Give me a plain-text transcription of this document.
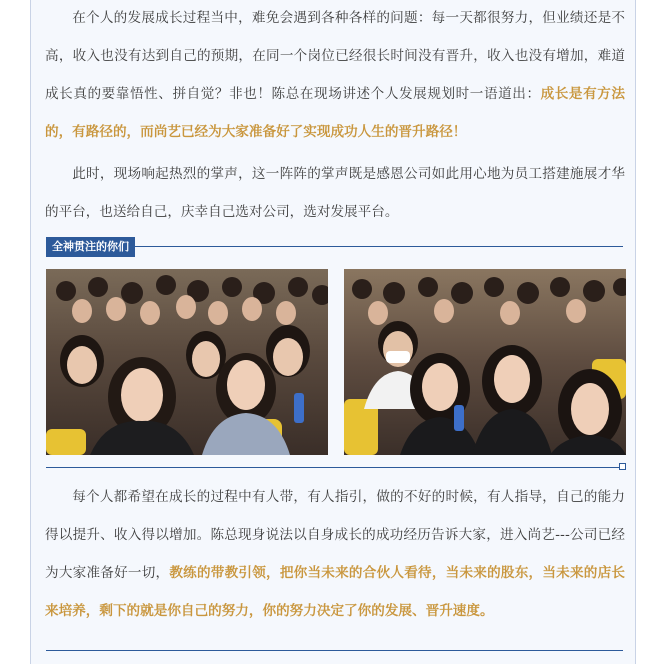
在个人的发展成长过程当中，难免会遇到各种各样的问题：每一天都很努力，但业绩还是不高，收入也没有达到自己的预期，在同一个岗位已经很长时间没有晋升，收入也没有增加，难道成长真的要靠悟性、拼自觉？非也！陈总在现场讲述个人发展规划时一语道出：成长是有方法的，有路径的，而尚艺已经为大家准备好了实现成功人生的晋升路径！

此时，现场响起热烈的掌声，这一阵阵的掌声既是感恩公司如此用心地为员工搭建施展才华的平台，也送给自己，庆幸自己选对公司，选对发展平台。

全神贯注的你们

每个人都希望在成长的过程中有人带，有人指引，做的不好的时候，有人指导，自己的能力得以提升、收入得以增加。陈总现身说法以自身成长的成功经历告诉大家，进入尚艺---公司已经为大家准备好一切，教练的带教引领，把你当未来的合伙人看待，当未来的股东，当未来的店长来培养，剩下的就是你自己的努力，你的努力决定了你的发展、晋升速度。
